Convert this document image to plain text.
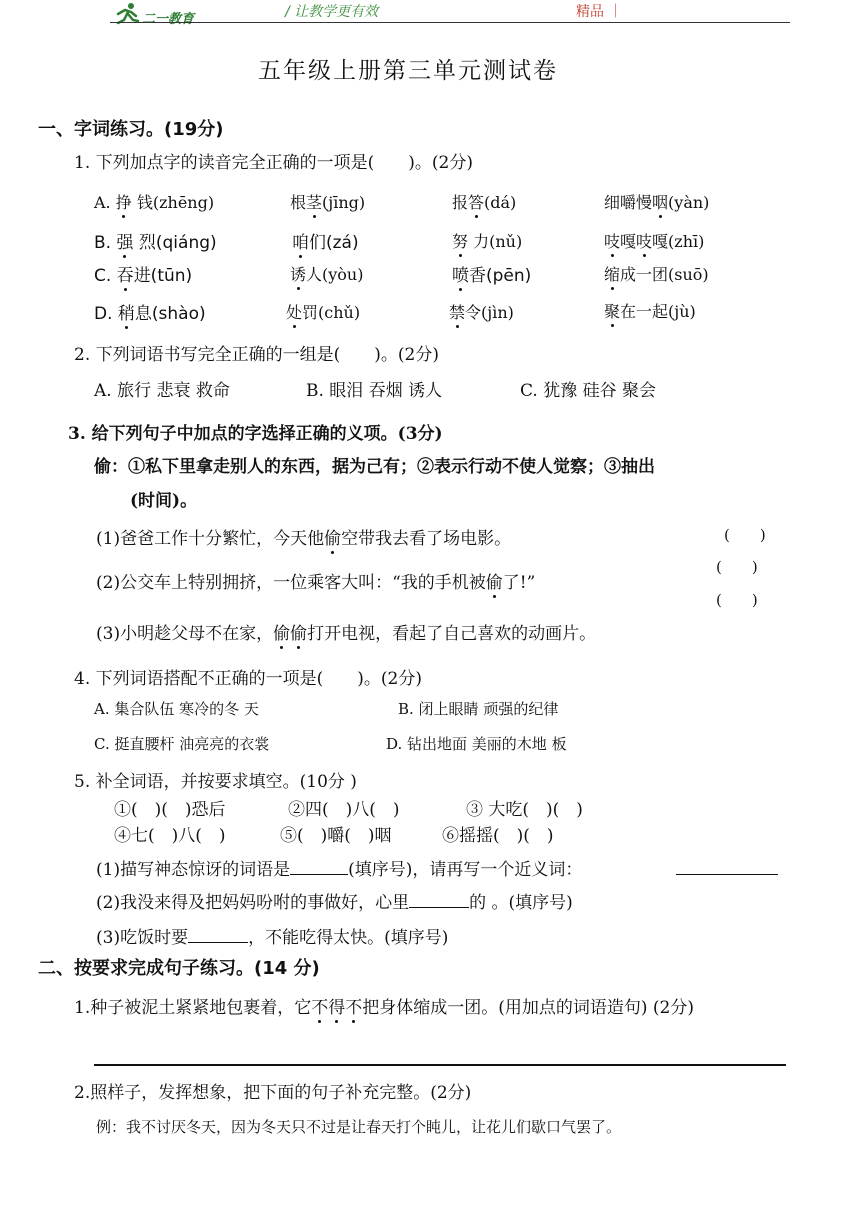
二一教育	/ 让教学更有效	精品 ｜
五年级上册第三单元测试卷
一、字词练习。(19分)
1. 下列加点字的读音完全正确的一项是(　　)。(2分)
A. 挣 钱(zhēng)	根茎(jīng)	报答(dá)	细嚼慢咽(yàn)
B. 强 烈(qiáng)	咱们(zá)	努 力(nǔ)	吱嘎吱嘎(zhī)
C. 吞进(tūn)	诱人(yòu)	喷香(pēn)	缩成一团(suō)
D. 稍息(shào)	处罚(chǔ)	禁令(jìn)	聚在一起(jù)
2. 下列词语书写完全正确的一组是(　　)。(2分)
A. 旅行 悲衰 救命	B. 眼泪 吞烟 诱人	C. 犹豫 硅谷 聚会
3. 给下列句子中加点的字选择正确的义项。(3分)
偷：①私下里拿走别人的东西，据为己有；②表示行动不使人觉察；③抽出
(时间)。
(1)爸爸工作十分繁忙，今天他偷空带我去看了场电影。
(2)公交车上特别拥挤，一位乘客大叫：“我的手机被偷了!”
(3)小明趁父母不在家，偷偷打开电视，看起了自己喜欢的动画片。
(　　)
(　　)
(　　)
4. 下列词语搭配不正确的一项是(　　)。(2分)
A. 集合队伍 寒冷的冬 天	B. 闭上眼睛 顽强的纪律
C. 挺直腰杆 油亮亮的衣裳	D. 钻出地面 美丽的木地 板
5. 补全词语，并按要求填空。(10分 )
①(　)(　)恐后	②四(　)八(　)	③ 大吃(　)(　)
④七(　)八(　)	⑤(　)嚼(　)咽	⑥摇摇(　)(　)
(1)描写神态惊讶的词语是	(填序号)，请再写一个近义词：
(2)我没来得及把妈妈吩咐的事做好，心里	的 。(填序号)
(3)吃饭时要	，不能吃得太快。(填序号)
二、按要求完成句子练习。(14 分)
1.种子被泥土紧紧地包裹着，它不得不把身体缩成一团。(用加点的词语造句) (2分)
2.照样子，发挥想象，把下面的句子补充完整。(2分)
例：我不讨厌冬天，因为冬天只不过是让春天打个盹儿，让花儿们歇口气罢了。
